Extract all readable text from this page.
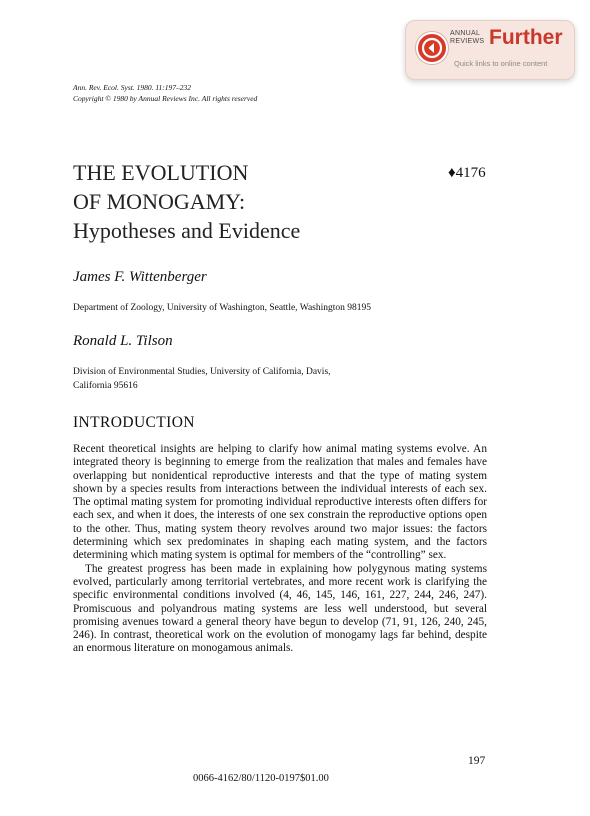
ANNUAL
REVIEWS Further
Quick links to online content
Ann. Rev. Ecol. Syst. 1980. 11:197–232
Copyright © 1980 by Annual Reviews Inc. All rights reserved
THE EVOLUTION
OF MONOGAMY:
Hypotheses and Evidence
♦4176
James F. Wittenberger
Department of Zoology, University of Washington, Seattle, Washington 98195
Ronald L. Tilson
Division of Environmental Studies, University of California, Davis,
California 95616
INTRODUCTION

Recent theoretical insights are helping to clarify how animal mating systems evolve. An integrated theory is beginning to emerge from the realization that males and females have overlapping but nonidentical reproductive interests and that the type of mating system shown by a species results from interactions between the individual interests of each sex. The optimal mating system for promoting individual reproductive interests often differs for each sex, and when it does, the interests of one sex constrain the reproductive options open to the other. Thus, mating system theory revolves around two major issues: the factors determining which sex predominates in shaping each mating system, and the factors determining which mating system is optimal for members of the “controlling” sex.

The greatest progress has been made in explaining how polygynous mating systems evolved, particularly among territorial vertebrates, and more recent work is clarifying the specific environmental conditions involved (4, 46, 145, 146, 161, 227, 244, 246, 247). Promiscuous and polyandrous mating systems are less well understood, but several promising avenues toward a general theory have begun to develop (71, 91, 126, 240, 245, 246). In contrast, theoretical work on the evolution of monogamy lags far behind, despite an enormous literature on monogamous animals.

197
0066-4162/80/1120-0197$01.00
